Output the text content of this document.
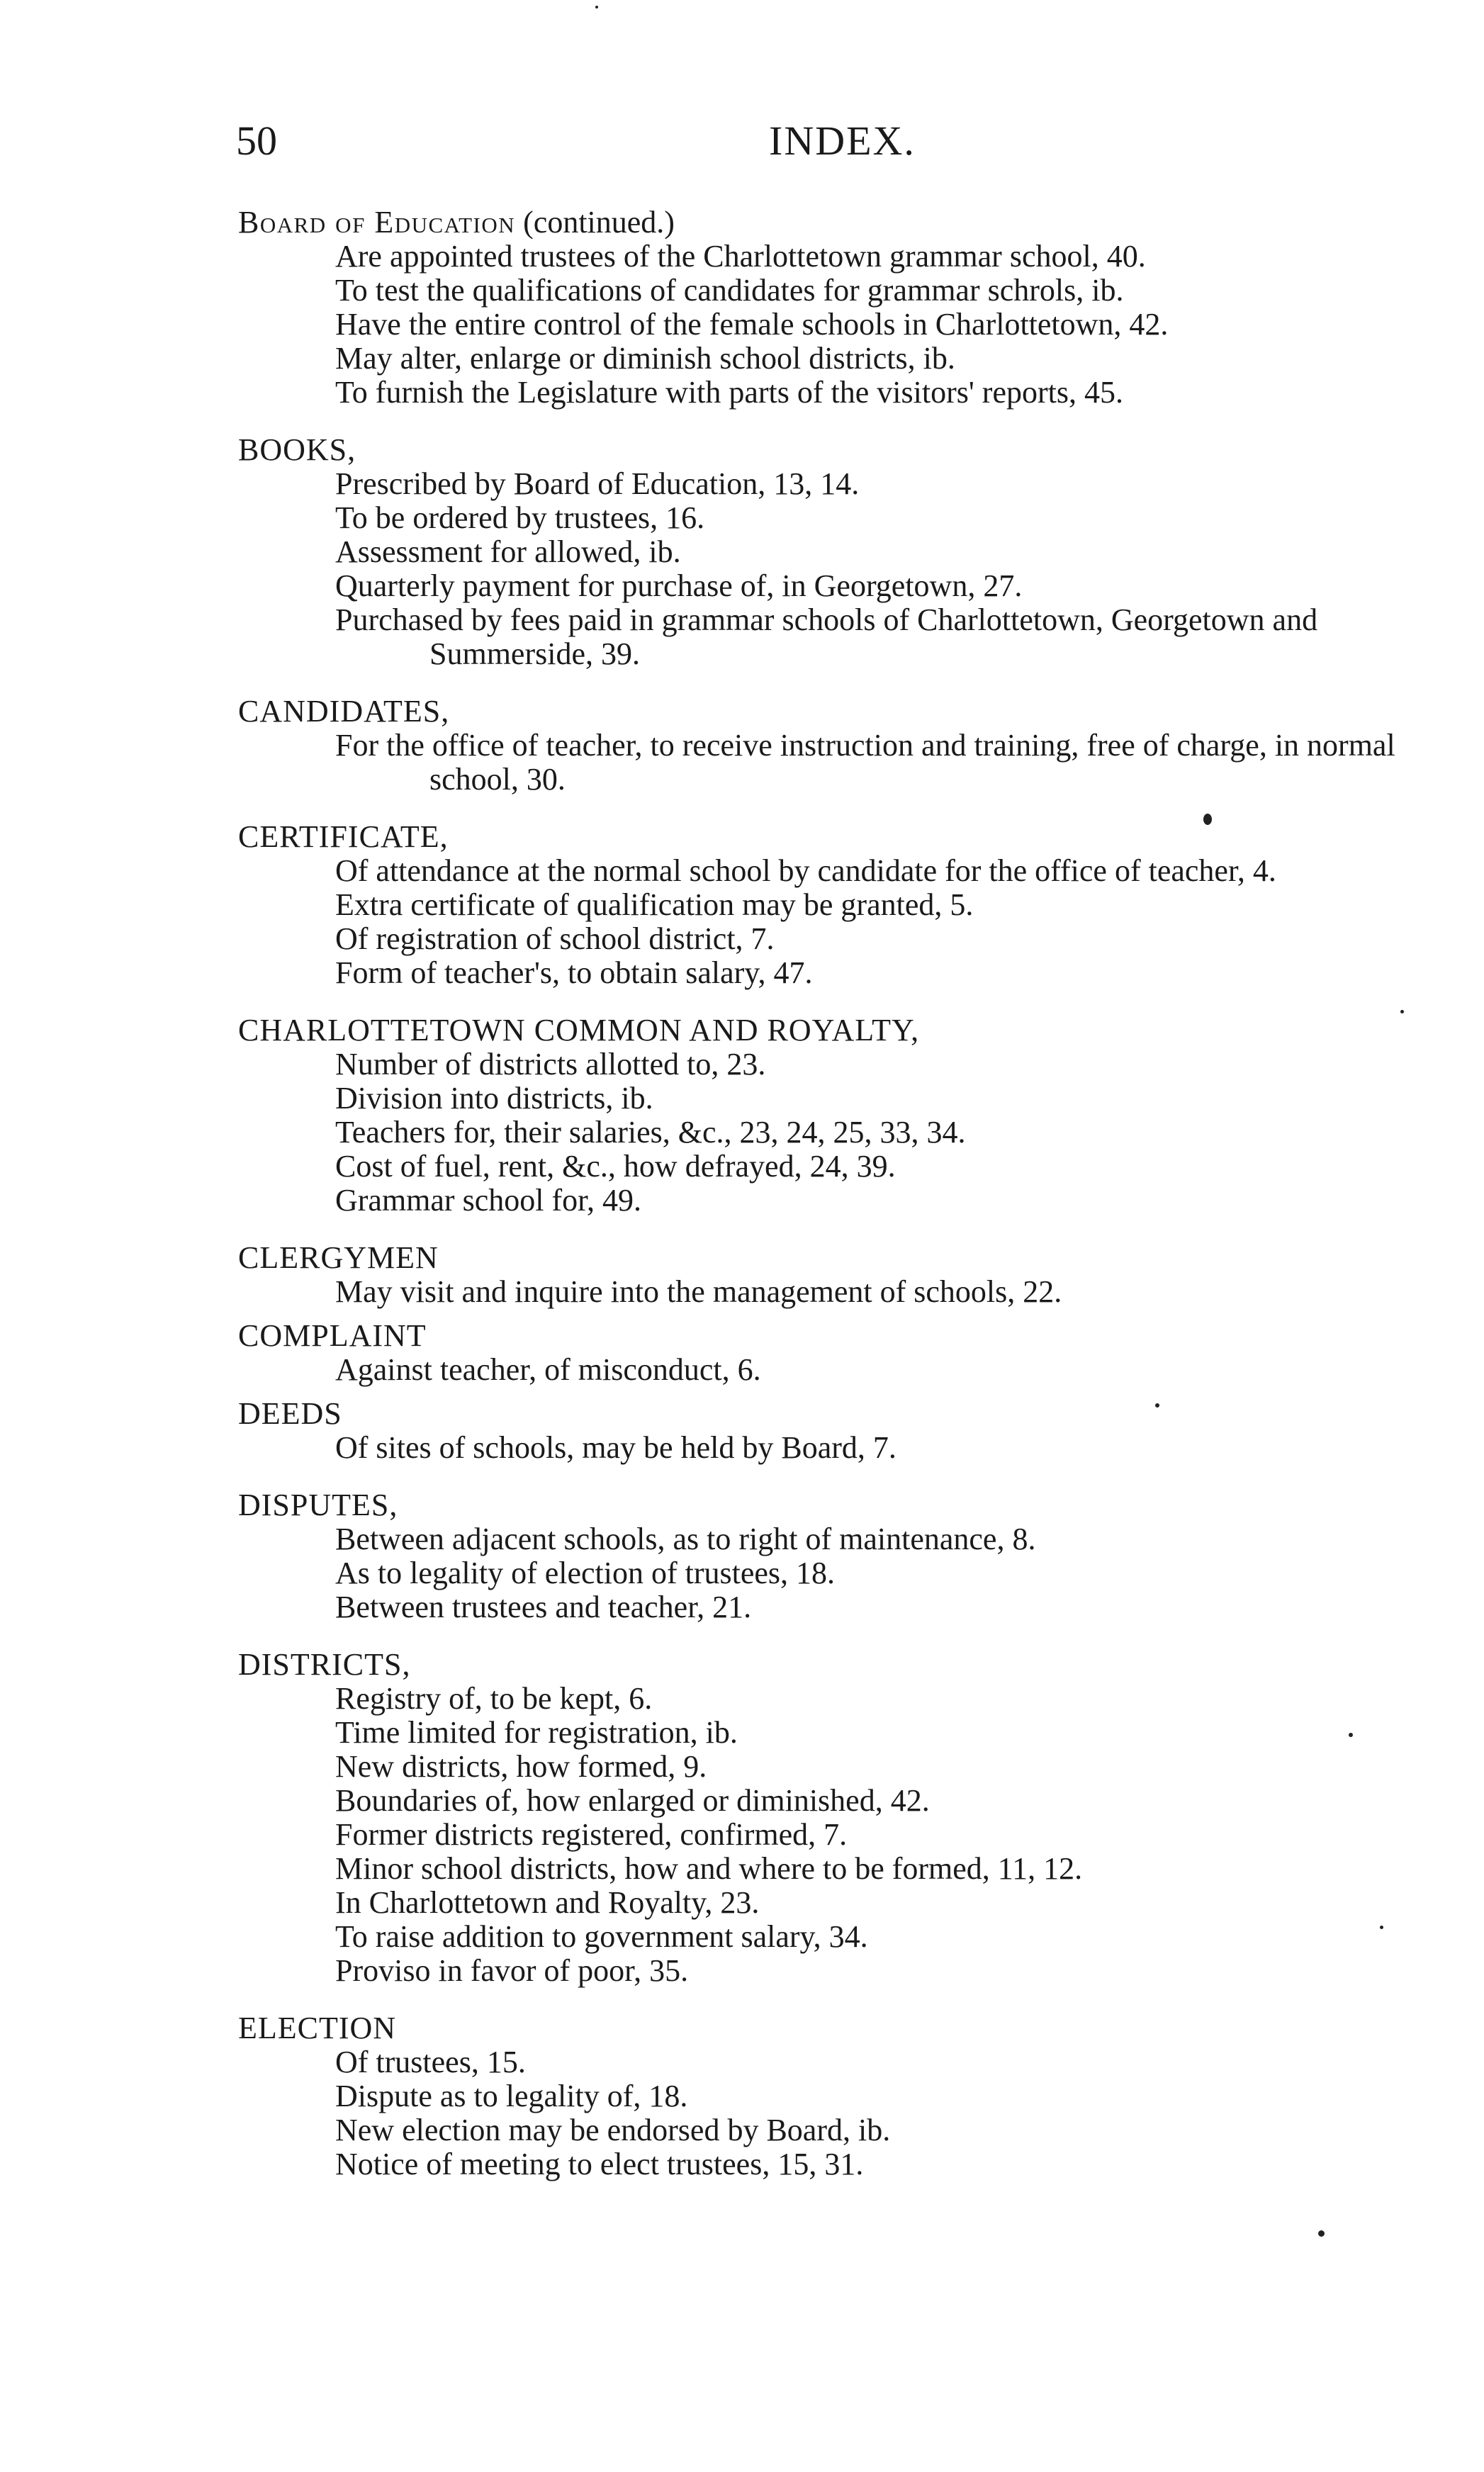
50	INDEX.
Board of Education (continued.)
Are appointed trustees of the Charlottetown grammar school, 40.
To test the qualifications of candidates for grammar schrols, ib.
Have the entire control of the female schools in Charlottetown, 42.
May alter, enlarge or diminish school districts, ib.
To furnish the Legislature with parts of the visitors' reports, 45.
BOOKS,
Prescribed by Board of Education, 13, 14.
To be ordered by trustees, 16.
Assessment for allowed, ib.
Quarterly payment for purchase of, in Georgetown, 27.
Purchased by fees paid in grammar schools of Charlottetown, Georgetown and Summerside, 39.
CANDIDATES,
For the office of teacher, to receive instruction and training, free of charge, in normal school, 30.
CERTIFICATE,
Of attendance at the normal school by candidate for the office of teacher, 4.
Extra certificate of qualification may be granted, 5.
Of registration of school district, 7.
Form of teacher's, to obtain salary, 47.
CHARLOTTETOWN COMMON AND ROYALTY,
Number of districts allotted to, 23.
Division into districts, ib.
Teachers for, their salaries, &c., 23, 24, 25, 33, 34.
Cost of fuel, rent, &c., how defrayed, 24, 39.
Grammar school for, 49.
CLERGYMEN
May visit and inquire into the management of schools, 22.
COMPLAINT
Against teacher, of misconduct, 6.
DEEDS
Of sites of schools, may be held by Board, 7.
DISPUTES,
Between adjacent schools, as to right of maintenance, 8.
As to legality of election of trustees, 18.
Between trustees and teacher, 21.
DISTRICTS,
Registry of, to be kept, 6.
Time limited for registration, ib.
New districts, how formed, 9.
Boundaries of, how enlarged or diminished, 42.
Former districts registered, confirmed, 7.
Minor school districts, how and where to be formed, 11, 12.
In Charlottetown and Royalty, 23.
To raise addition to government salary, 34.
Proviso in favor of poor, 35.
ELECTION
Of trustees, 15.
Dispute as to legality of, 18.
New election may be endorsed by Board, ib.
Notice of meeting to elect trustees, 15, 31.
